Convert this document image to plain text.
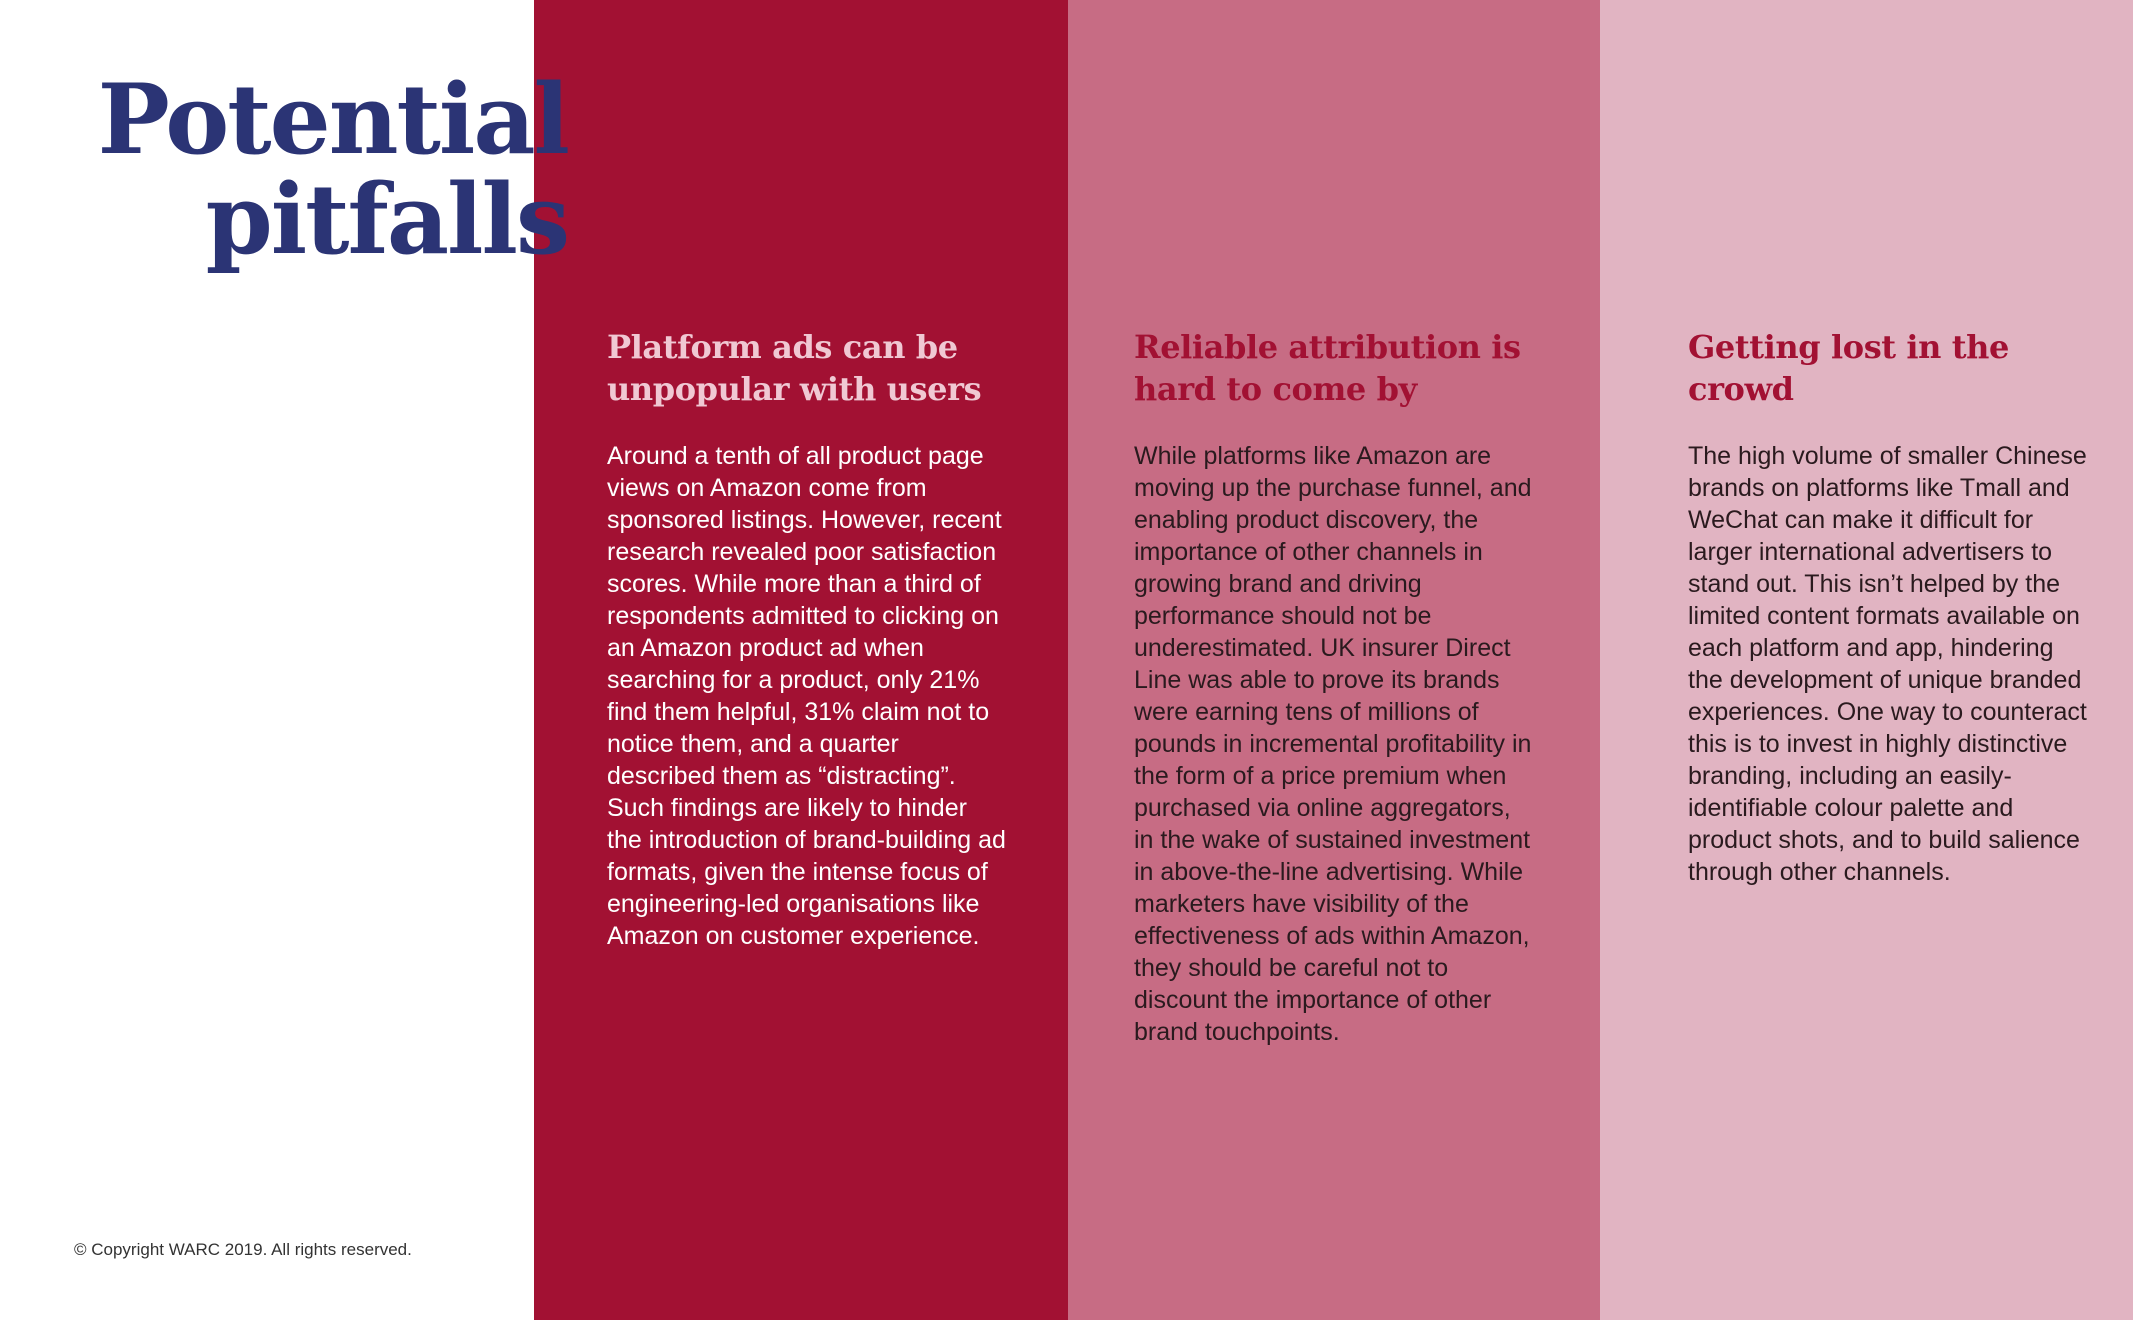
Potential
pitfalls
Platform ads can be unpopular with users

Around a tenth of all product page views on Amazon come from sponsored listings. However, recent research revealed poor satisfaction scores. While more than a third of respondents admitted to clicking on an Amazon product ad when searching for a product, only 21% find them helpful, 31% claim not to notice them, and a quarter described them as “distracting”. Such findings are likely to hinder the introduction of brand-building ad formats, given the intense focus of engineering-led organisations like Amazon on customer experience.

Reliable attribution is hard to come by

While platforms like Amazon are moving up the purchase funnel, and enabling product discovery, the importance of other channels in growing brand and driving performance should not be underestimated. UK insurer Direct Line was able to prove its brands were earning tens of millions of pounds in incremental profitability in the form of a price premium when purchased via online aggregators, in the wake of sustained investment in above-the-line advertising. While marketers have visibility of the effectiveness of ads within Amazon, they should be careful not to discount the importance of other brand touchpoints.

Getting lost in the crowd

The high volume of smaller Chinese brands on platforms like Tmall and WeChat can make it difficult for larger international advertisers to stand out. This isn’t helped by the limited content formats available on each platform and app, hindering the development of unique branded experiences. One way to counteract this is to invest in highly distinctive branding, including an easily-identifiable colour palette and product shots, and to build salience through other channels.

© Copyright WARC 2019. All rights reserved.
